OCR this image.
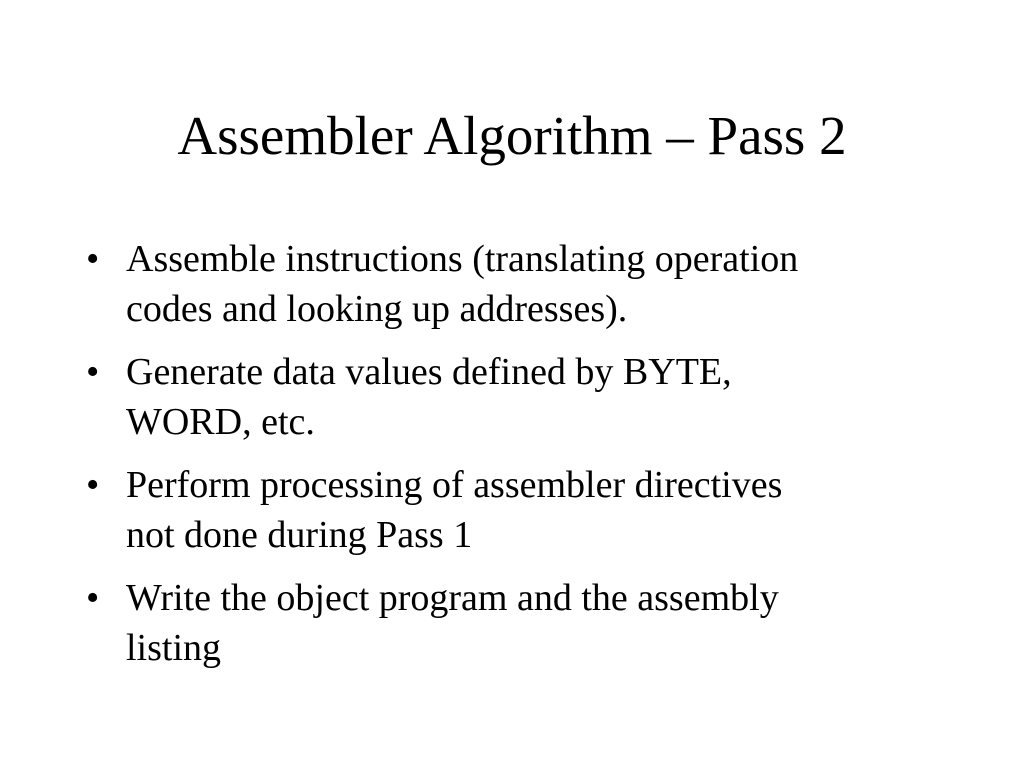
Assembler Algorithm – Pass 2
• Assemble instructions (translating operation
codes and looking up addresses).
• Generate data values defined by BYTE,
WORD, etc.
• Perform processing of assembler directives
not done during Pass 1
• Write the object program and the assembly
listing
